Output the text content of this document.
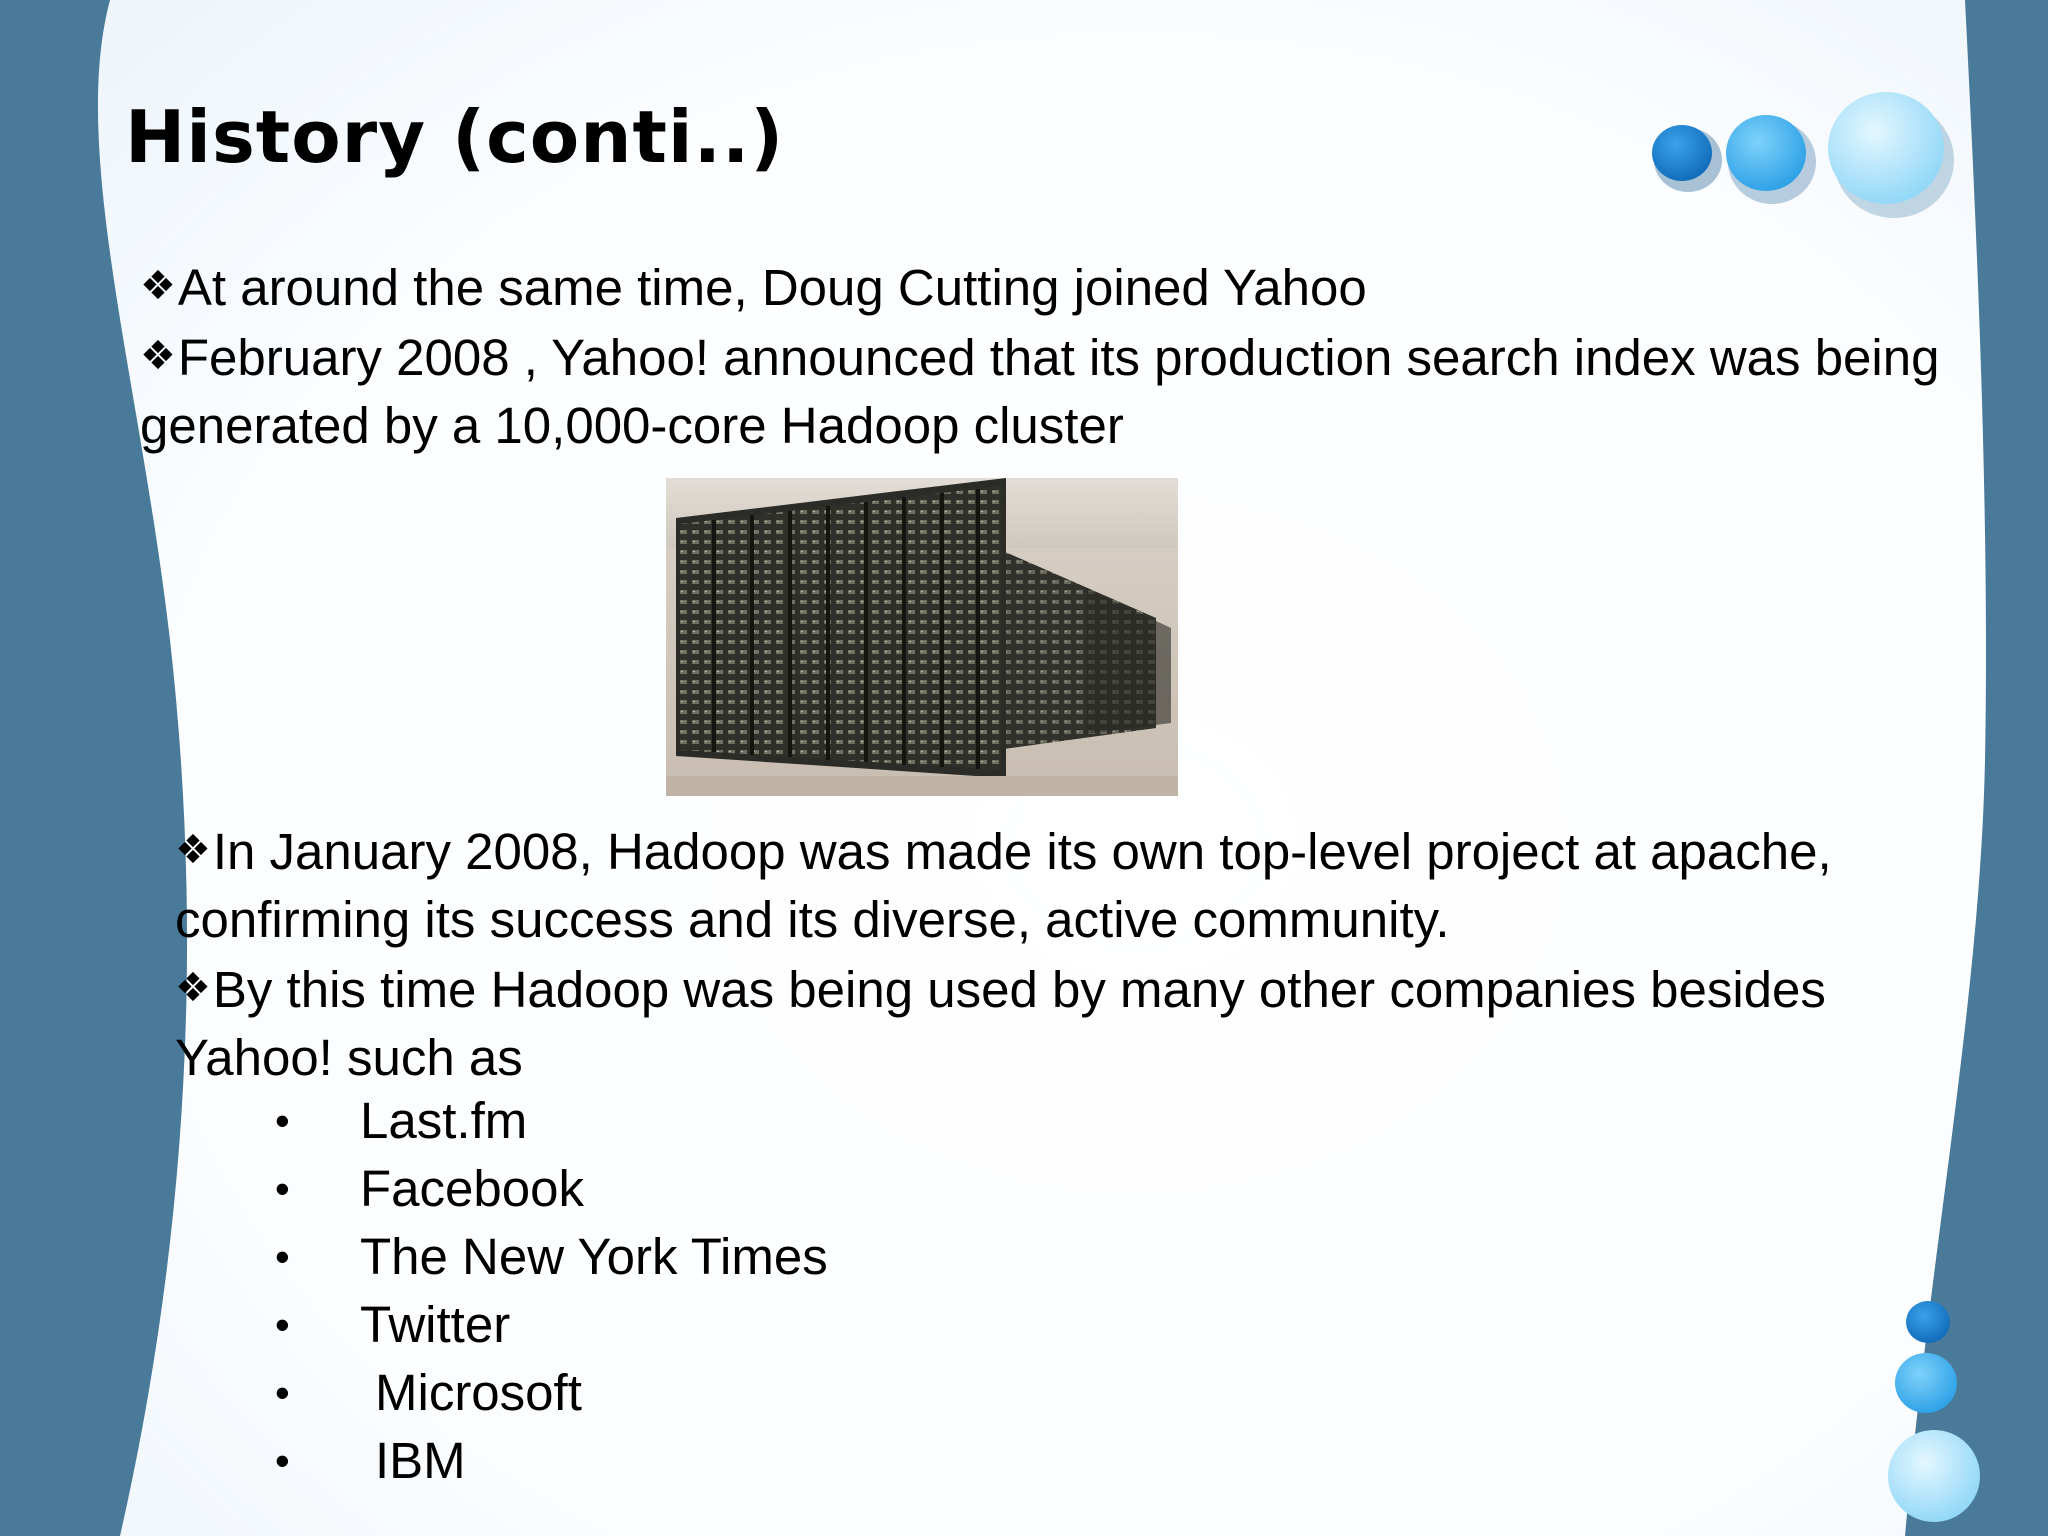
History (conti..)

❖At around the same time, Doug Cutting joined Yahoo

❖February 2008 , Yahoo! announced that its production search index was being generated by a 10,000-core Hadoop cluster

❖In January 2008, Hadoop was made its own top-level project at apache, confirming its success and its diverse, active community.

❖By this time Hadoop was being used by many other companies besides Yahoo! such as

• Last.fm
• Facebook
• The New York Times
• Twitter
• Microsoft
• IBM
